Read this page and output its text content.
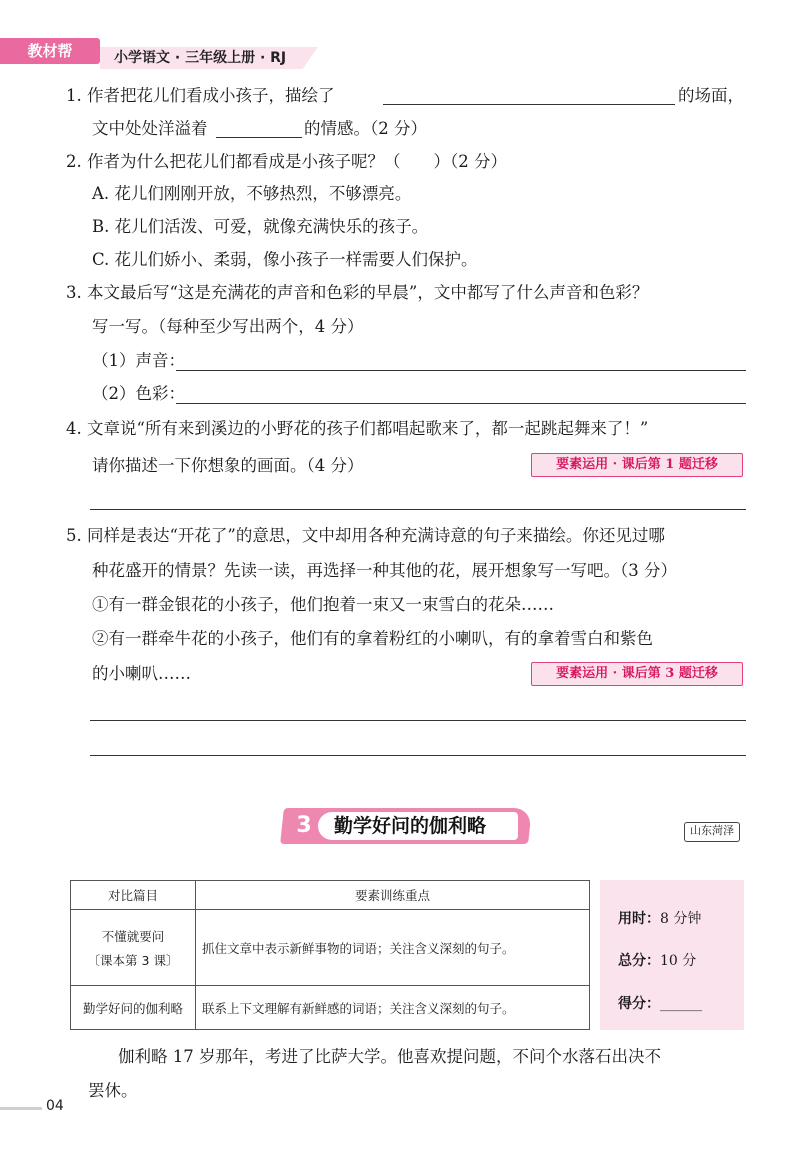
教材帮	小学语文 · 三年级上册 · RJ
1. 作者把花儿们看成小孩子，描绘了	的场面，
文中处处洋溢着	的情感。（2 分）
2. 作者为什么把花儿们都看成是小孩子呢？（　　）（2 分）
A. 花儿们刚刚开放，不够热烈，不够漂亮。
B. 花儿们活泼、可爱，就像充满快乐的孩子。
C. 花儿们娇小、柔弱，像小孩子一样需要人们保护。
3. 本文最后写“这是充满花的声音和色彩的早晨”，文中都写了什么声音和色彩？
写一写。（每种至少写出两个，4 分）
（1）声音：
（2）色彩：
4. 文章说“所有来到溪边的小野花的孩子们都唱起歌来了，都一起跳起舞来了！”
请你描述一下你想象的画面。（4 分）	要素运用 · 课后第 1 题迁移
5. 同样是表达“开花了”的意思，文中却用各种充满诗意的句子来描绘。你还见过哪
种花盛开的情景？先读一读，再选择一种其他的花，展开想象写一写吧。（3 分）
①有一群金银花的小孩子，他们抱着一束又一束雪白的花朵……
②有一群牵牛花的小孩子，他们有的拿着粉红的小喇叭，有的拿着雪白和紫色
的小喇叭……	要素运用 · 课后第 3 题迁移
3	勤学好问的伽利略	山东菏泽
对比篇目	要素训练重点

不懂就要问
〔课本第 3 课〕	抓住文章中表示新鲜事物的词语；关注含义深刻的句子。
勤学好问的伽利略	联系上下文理解有新鲜感的词语；关注含义深刻的句子。
用时：8 分钟
总分：10 分
得分：______
伽利略 17 岁那年，考进了比萨大学。他喜欢提问题，不问个水落石出决不
罢休。
04
